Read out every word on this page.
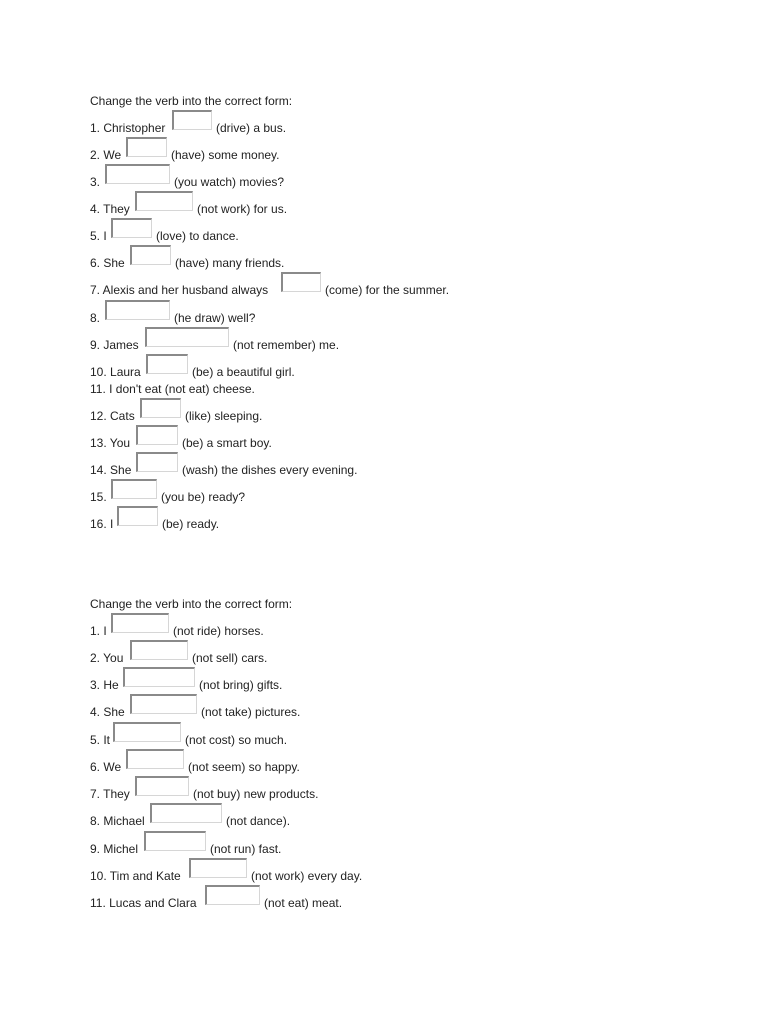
Change the verb into the correct form:
1. Christopher	(drive) a bus.
2. We	(have) some money.
3.	(you watch) movies?
4. They	(not work) for us.
5. I	(love) to dance.
6. She	(have) many friends.
7. Alexis and her husband always	(come) for the summer.
8.	(he draw) well?
9. James	(not remember) me.
10. Laura	(be) a beautiful girl.
11. I don't eat (not eat) cheese.
12. Cats	(like) sleeping.
13. You	(be) a smart boy.
14. She	(wash) the dishes every evening.
15.	(you be) ready?
16. I	(be) ready.
Change the verb into the correct form:
1. I	(not ride) horses.
2. You	(not sell) cars.
3. He	(not bring) gifts.
4. She	(not take) pictures.
5. It	(not cost) so much.
6. We	(not seem) so happy.
7. They	(not buy) new products.
8. Michael	(not dance).
9. Michel	(not run) fast.
10. Tim and Kate	(not work) every day.
11. Lucas and Clara	(not eat) meat.
